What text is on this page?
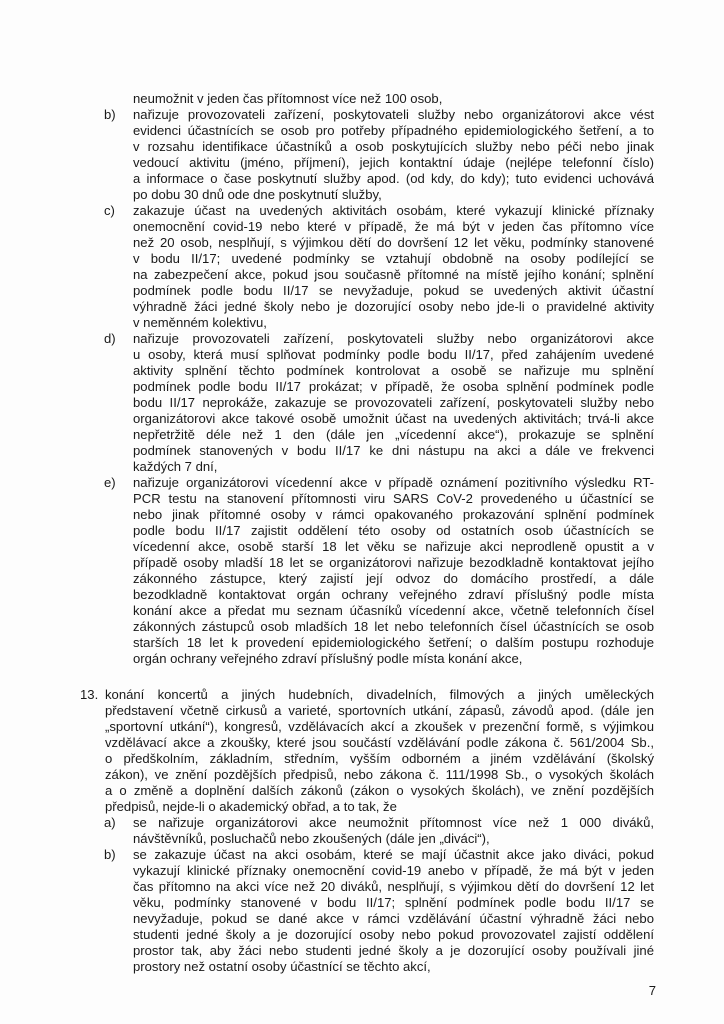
7
neumožnit v jeden čas přítomnost více než 100 osob,
b) nařizuje provozovateli zařízení, poskytovateli služby nebo organizátorovi akce vést
evidenci účastnících se osob pro potřeby případného epidemiologického šetření, a to
v rozsahu identifikace účastníků a osob poskytujících služby nebo péči nebo jinak
vedoucí aktivitu (jméno, příjmení), jejich kontaktní údaje (nejlépe telefonní číslo)
a informace o čase poskytnutí služby apod. (od kdy, do kdy); tuto evidenci uchovává
po dobu 30 dnů ode dne poskytnutí služby,
c) zakazuje účast na uvedených aktivitách osobám, které vykazují klinické příznaky
onemocnění covid-19 nebo které v případě, že má být v jeden čas přítomno více
než 20 osob, nesplňují, s výjimkou dětí do dovršení 12 let věku, podmínky stanovené
v bodu II/17; uvedené podmínky se vztahují obdobně na osoby podílející se
na zabezpečení akce, pokud jsou současně přítomné na místě jejího konání; splnění
podmínek podle bodu II/17 se nevyžaduje, pokud se uvedených aktivit účastní
výhradně žáci jedné školy nebo je dozorující osoby nebo jde-li o pravidelné aktivity
v neměnném kolektivu,
d) nařizuje provozovateli zařízení, poskytovateli služby nebo organizátorovi akce
u osoby, která musí splňovat podmínky podle bodu II/17, před zahájením uvedené
aktivity splnění těchto podmínek kontrolovat a osobě se nařizuje mu splnění
podmínek podle bodu II/17 prokázat; v případě, že osoba splnění podmínek podle
bodu II/17 neprokáže, zakazuje se provozovateli zařízení, poskytovateli služby nebo
organizátorovi akce takové osobě umožnit účast na uvedených aktivitách; trvá-li akce
nepřetržitě déle než 1 den (dále jen „vícedenní akce“), prokazuje se splnění
podmínek stanovených v bodu II/17 ke dni nástupu na akci a dále ve frekvenci
každých 7 dní,
e) nařizuje organizátorovi vícedenní akce v případě oznámení pozitivního výsledku RT-
PCR testu na stanovení přítomnosti viru SARS CoV-2 provedeného u účastnící se
nebo jinak přítomné osoby v rámci opakovaného prokazování splnění podmínek
podle bodu II/17 zajistit oddělení této osoby od ostatních osob účastnících se
vícedenní akce, osobě starší 18 let věku se nařizuje akci neprodleně opustit a v
případě osoby mladší 18 let se organizátorovi nařizuje bezodkladně kontaktovat jejího
zákonného zástupce, který zajistí její odvoz do domácího prostředí, a dále
bezodkladně kontaktovat orgán ochrany veřejného zdraví příslušný podle místa
konání akce a předat mu seznam účasníků vícedenní akce, včetně telefonních čísel
zákonných zástupců osob mladších 18 let nebo telefonních čísel účastnících se osob
starších 18 let k provedení epidemiologického šetření; o dalším postupu rozhoduje
orgán ochrany veřejného zdraví příslušný podle místa konání akce,
13. konání koncertů a jiných hudebních, divadelních, filmových a jiných uměleckých
představení včetně cirkusů a varieté, sportovních utkání, zápasů, závodů apod. (dále jen
„sportovní utkání“), kongresů, vzdělávacích akcí a zkoušek v prezenční formě, s výjimkou
vzdělávací akce a zkoušky, které jsou součástí vzdělávání podle zákona č. 561/2004 Sb.,
o předškolním, základním, středním, vyšším odborném a jiném vzdělávání (školský
zákon), ve znění pozdějších předpisů, nebo zákona č. 111/1998 Sb., o vysokých školách
a o změně a doplnění dalších zákonů (zákon o vysokých školách), ve znění pozdějších
předpisů, nejde-li o akademický obřad, a to tak, že
a) se nařizuje organizátorovi akce neumožnit přítomnost více než 1 000 diváků,
návštěvníků, posluchačů nebo zkoušených (dále jen „diváci“),
b) se zakazuje účast na akci osobám, které se mají účastnit akce jako diváci, pokud
vykazují klinické příznaky onemocnění covid-19 anebo v případě, že má být v jeden
čas přítomno na akci více než 20 diváků, nesplňují, s výjimkou dětí do dovršení 12 let
věku, podmínky stanovené v bodu II/17; splnění podmínek podle bodu II/17 se
nevyžaduje, pokud se dané akce v rámci vzdělávání účastní výhradně žáci nebo
studenti jedné školy a je dozorující osoby nebo pokud provozovatel zajistí oddělení
prostor tak, aby žáci nebo studenti jedné školy a je dozorující osoby používali jiné
prostory než ostatní osoby účastnící se těchto akcí,
